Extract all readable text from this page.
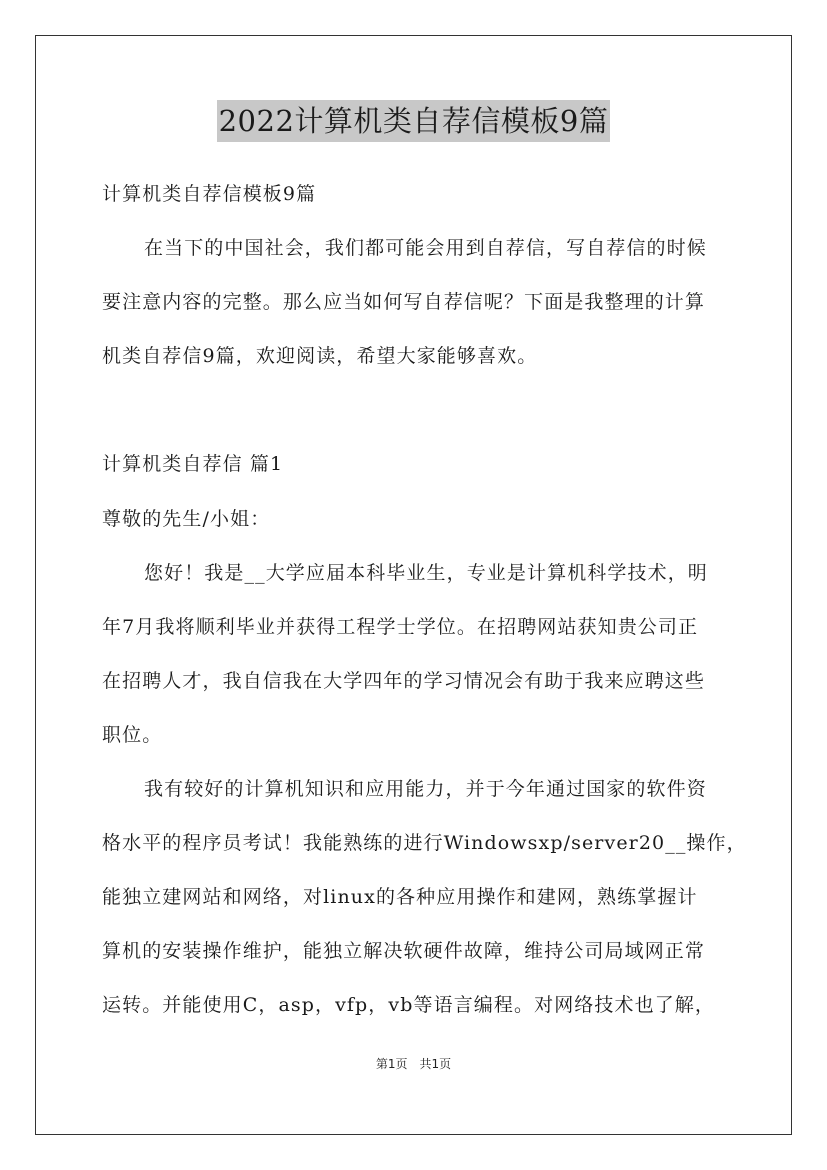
2022计算机类自荐信模板9篇
计算机类自荐信模板9篇
在当下的中国社会，我们都可能会用到自荐信，写自荐信的时候
要注意内容的完整。那么应当如何写自荐信呢？下面是我整理的计算
机类自荐信9篇，欢迎阅读，希望大家能够喜欢。
计算机类自荐信 篇1
尊敬的先生/小姐：
您好！我是__大学应届本科毕业生，专业是计算机科学技术，明
年7月我将顺利毕业并获得工程学士学位。在招聘网站获知贵公司正
在招聘人才，我自信我在大学四年的学习情况会有助于我来应聘这些
职位。
我有较好的计算机知识和应用能力，并于今年通过国家的软件资
格水平的程序员考试！我能熟练的进行Windowsxp/server20__操作，
能独立建网站和网络，对linux的各种应用操作和建网，熟练掌握计
算机的安装操作维护，能独立解决软硬件故障，维持公司局域网正常
运转。并能使用C，asp，vfp，vb等语言编程。对网络技术也了解，
第1页　共1页
